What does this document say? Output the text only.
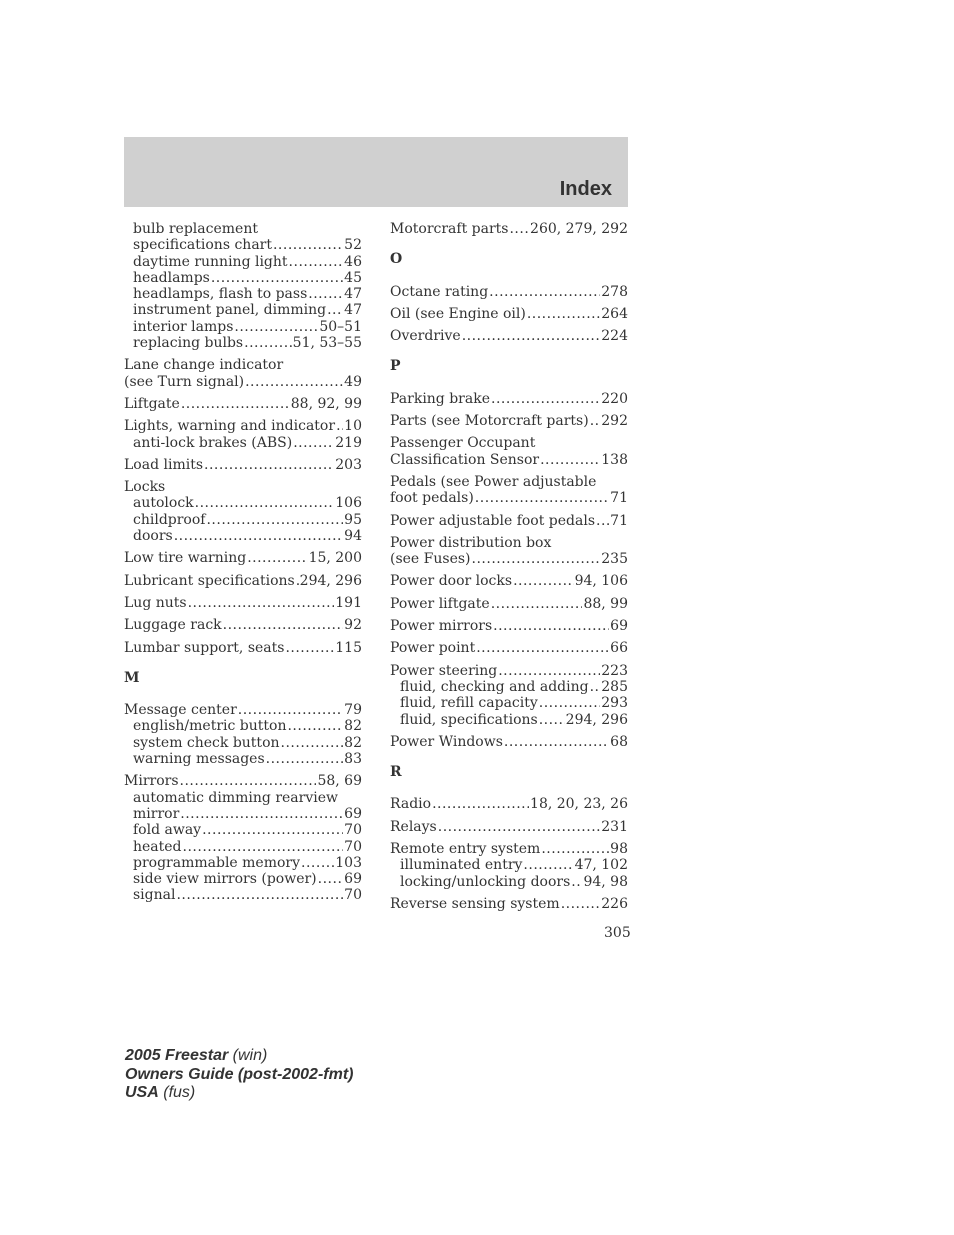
Index
bulb replacement
specifications chart .....	52
daytime running light .....	46
headlamps .....	45
headlamps, flash to pass .....	47
instrument panel, dimming ..... 47
interior lamps .....	50–51
replacing bulbs .....	51, 53–55
Lane change indicator
(see Turn signal) .....	49
Liftgate .....	88, 92, 99
Lights, warning and indicator ..... 10
anti-lock brakes (ABS) .....	219
Load limits .....	203
Locks
autolock .....	106
childproof .....	95
doors .....	94
Low tire warning .....	15, 200
Lubricant specifications ..... 294, 296
Lug nuts .....	191
Luggage rack .....	92
Lumbar support, seats .....	115
M
Message center .....	79
english/metric button .....	82
system check button .....	82
warning messages .....	83
Mirrors .....	58, 69
automatic dimming rearview
mirror .....	69
fold away .....	70
heated .....	70
programmable memory .....	103
side view mirrors (power) ..... 69
signal .....	70
Motorcraft parts ..... 260, 279, 292
O
Octane rating .....	278
Oil (see Engine oil) .....	264
Overdrive .....	224
P
Parking brake .....	220
Parts (see Motorcraft parts) ..... 292
Passenger Occupant
Classification Sensor .....	138
Pedals (see Power adjustable
foot pedals) .....	71
Power adjustable foot pedals ..... 71
Power distribution box
(see Fuses) .....	235
Power door locks .....	94, 106
Power liftgate .....	88, 99
Power mirrors .....	69
Power point .....	66
Power steering .....	223
fluid, checking and adding ..... 285
fluid, refill capacity .....	293
fluid, specifications ..... 294, 296
Power Windows .....	68
R
Radio .....	18, 20, 23, 26
Relays .....	231
Remote entry system .....	98
illuminated entry .....	47, 102
locking/unlocking doors ..... 94, 98
Reverse sensing system .....	226
305
2005 Freestar (win)
Owners Guide (post-2002-fmt)
USA (fus)
